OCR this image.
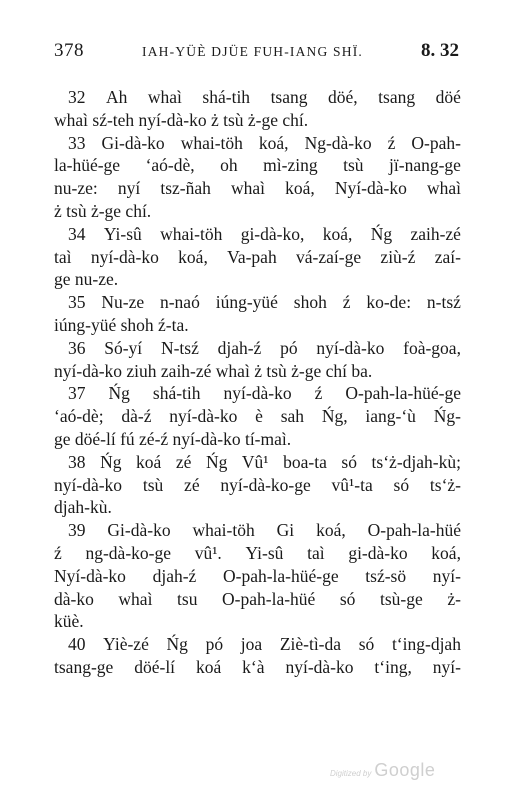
378	IAH-YÜÈ DJÜE FUH-IANG SHÏ.	8. 32
32 Ah whaì shá-tih tsang döé, tsang döé
whaì sź-teh nyí-dà-ko ż tsù ż-ge chí.
33 Gi-dà-ko whai-töh koá, Ng-dà-ko ź O-pah-
la-hüé-ge ‘aó-dè, oh mì-zing tsù jï-nang-ge
nu-ze: nyí tsz-ñah whaì koá, Nyí-dà-ko whaì
ż tsù ż-ge chí.
34 Yi-sû whai-töh gi-dà-ko, koá, Ńg zaih-zé
taì nyí-dà-ko koá, Va-pah vá-zaí-ge ziù-ź zaí-
ge nu-ze.
35 Nu-ze n-naó iúng-yüé shoh ź ko-de: n-tsź
iúng-yüé shoh ź-ta.
36 Só-yí N-tsź djah-ź pó nyí-dà-ko foà-goa,
nyí-dà-ko ziuh zaih-zé whaì ż tsù ż-ge chí ba.
37 Ńg shá-tih nyí-dà-ko ź O-pah-la-hüé-ge
‘aó-dè; dà-ź nyí-dà-ko è sah Ńg, iang-‘ù Ńg-
ge döé-lí fú zé-ź nyí-dà-ko tí-maì.
38 Ńg koá zé Ńg Vû¹ boa-ta só ts‘ż-djah-kù;
nyí-dà-ko tsù zé nyí-dà-ko-ge vû¹-ta só ts‘ż-
djah-kù.
39 Gi-dà-ko whai-töh Gi koá, O-pah-la-hüé
ź ng-dà-ko-ge vû¹. Yi-sû taì gi-dà-ko koá,
Nyí-dà-ko djah-ź O-pah-la-hüé-ge tsź-sö nyí-
dà-ko whaì tsu O-pah-la-hüé só tsù-ge ż-
küè.
40 Yiè-zé Ńg pó joa Ziè-tì-da só t‘ing-djah
tsang-ge döé-lí koá k‘à nyí-dà-ko t‘ing, nyí-
Digitized by Google
